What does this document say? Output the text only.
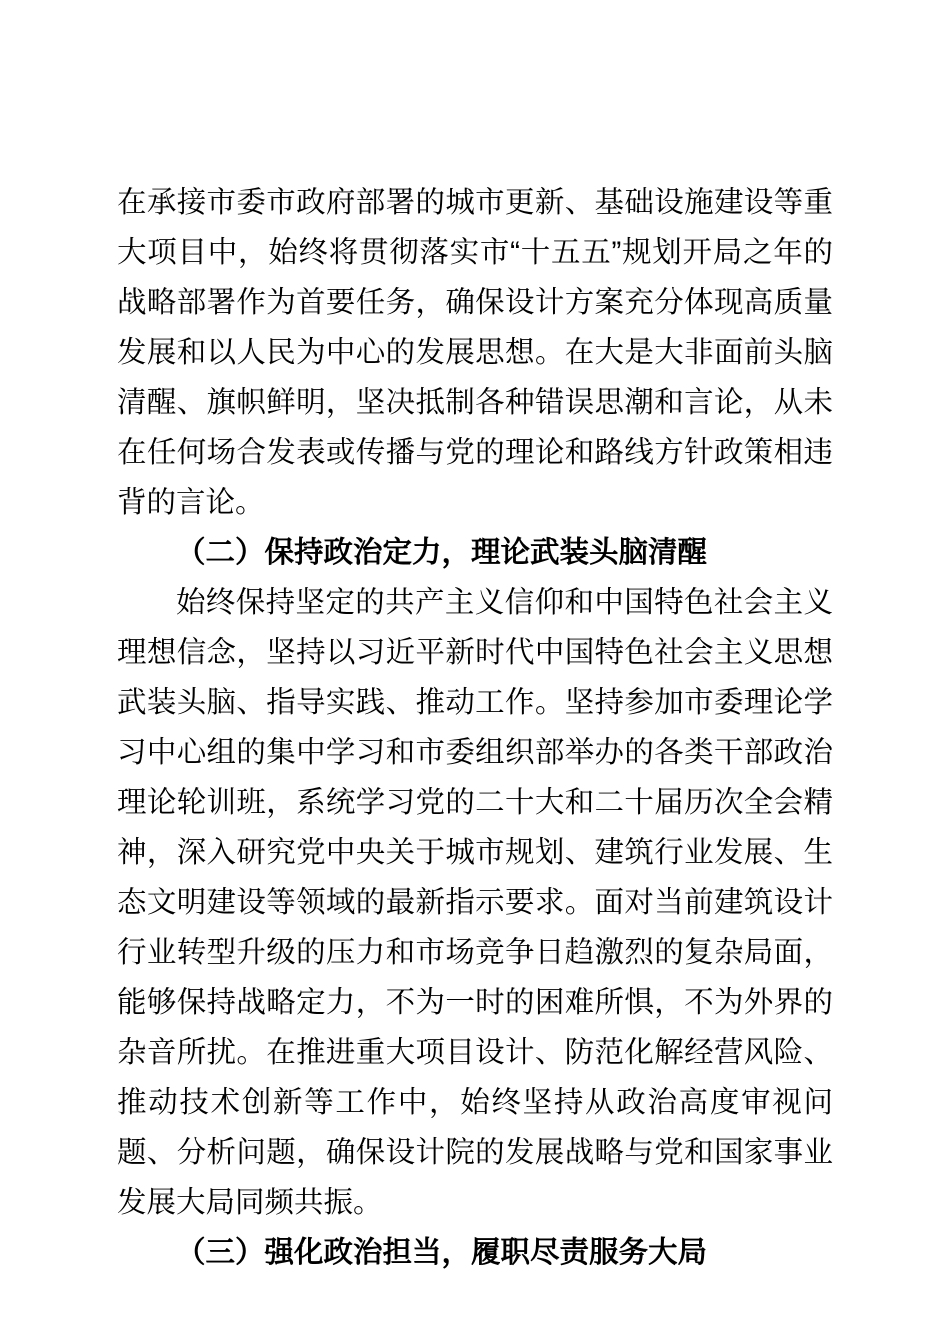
在承接市委市政府部署的城市更新、基础设施建设等重大项目中，始终将贯彻落实市“十五五”规划开局之年的战略部署作为首要任务，确保设计方案充分体现高质量发展和以人民为中心的发展思想。在大是大非面前头脑清醒、旗帜鲜明，坚决抵制各种错误思潮和言论，从未在任何场合发表或传播与党的理论和路线方针政策相违背的言论。

（二）保持政治定力，理论武装头脑清醒

始终保持坚定的共产主义信仰和中国特色社会主义理想信念，坚持以习近平新时代中国特色社会主义思想武装头脑、指导实践、推动工作。坚持参加市委理论学习中心组的集中学习和市委组织部举办的各类干部政治理论轮训班，系统学习党的二十大和二十届历次全会精神，深入研究党中央关于城市规划、建筑行业发展、生态文明建设等领域的最新指示要求。面对当前建筑设计行业转型升级的压力和市场竞争日趋激烈的复杂局面，能够保持战略定力，不为一时的困难所惧，不为外界的杂音所扰。在推进重大项目设计、防范化解经营风险、推动技术创新等工作中，始终坚持从政治高度审视问题、分析问题，确保设计院的发展战略与党和国家事业发展大局同频共振。

（三）强化政治担当，履职尽责服务大局
